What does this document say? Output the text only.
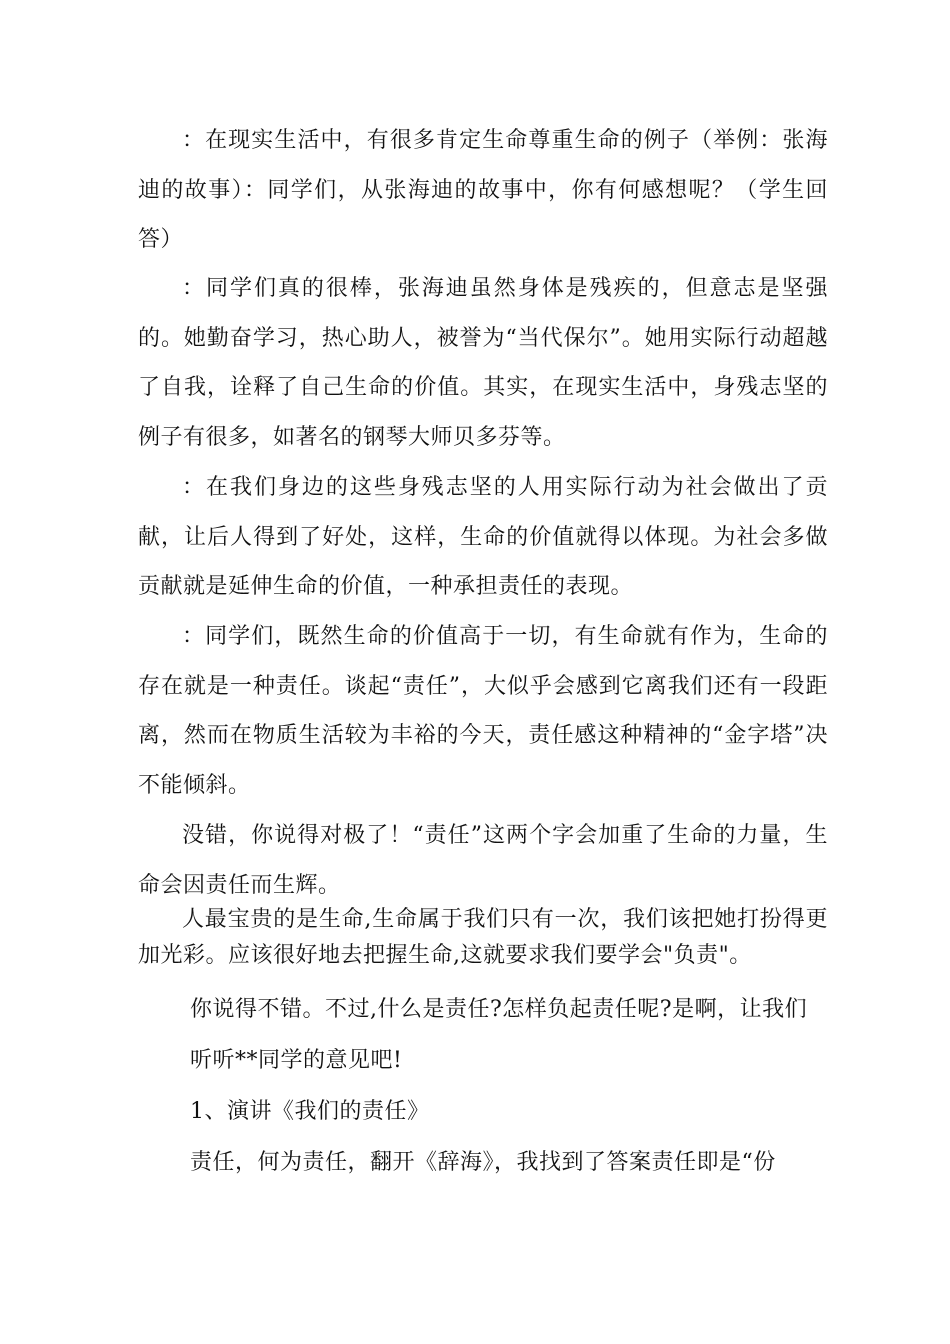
：在现实生活中，有很多肯定生命尊重生命的例子（举例：张海迪的故事）：同学们，从张海迪的故事中，你有何感想呢？（学生回答）

：同学们真的很棒，张海迪虽然身体是残疾的，但意志是坚强的。她勤奋学习，热心助人，被誉为“当代保尔”。她用实际行动超越了自我，诠释了自己生命的价值。其实，在现实生活中，身残志坚的例子有很多，如著名的钢琴大师贝多芬等。

：在我们身边的这些身残志坚的人用实际行动为社会做出了贡献，让后人得到了好处，这样，生命的价值就得以体现。为社会多做贡献就是延伸生命的价值，一种承担责任的表现。

：同学们，既然生命的价值高于一切，有生命就有作为，生命的存在就是一种责任。谈起“责任”，大似乎会感到它离我们还有一段距离，然而在物质生活较为丰裕的今天，责任感这种精神的“金字塔”决不能倾斜。

没错，你说得对极了！“责任”这两个字会加重了生命的力量，生命会因责任而生辉。

人最宝贵的是生命,生命属于我们只有一次，我们该把她打扮得更加光彩。应该很好地去把握生命,这就要求我们要学会"负责"。

你说得不错。不过,什么是责任?怎样负起责任呢?是啊，让我们

听听**同学的意见吧!

1、演讲《我们的责任》

责任，何为责任，翻开《辞海》，我找到了答案责任即是“份
